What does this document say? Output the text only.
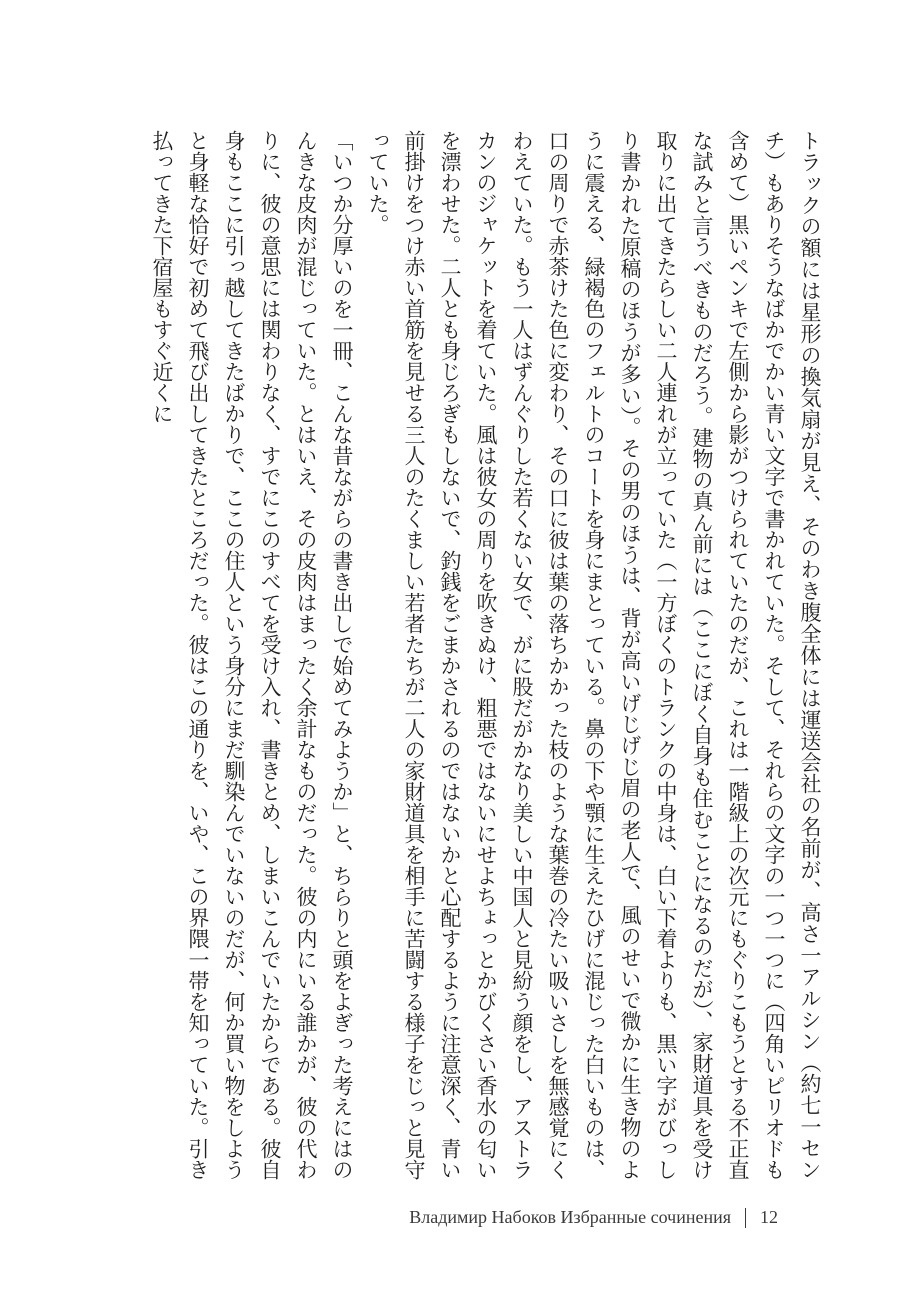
トラックの額には星形の換気扇が見え、そのわき腹全体には運送会社の名前が、高さ一アルシン（約七一センチ）もありそうなばかでかい青い文字で書かれていた。そして、それらの文字の一つ一つに（四角いピリオドも含めて）黒いペンキで左側から影がつけられていたのだが、これは一階級上の次元にもぐりこもうとする不正直な試みと言うべきものだろう。建物の真ん前には（ここにぼく自身も住むことになるのだが）、家財道具を受け取りに出てきたらしい二人連れが立っていた（一方ぼくのトランクの中身は、白い下着よりも、黒い字がびっしり書かれた原稿のほうが多い）。その男のほうは、背が高いげじげじ眉の老人で、風のせいで微かに生き物のように震える、緑褐色のフェルトのコートを身にまとっている。鼻の下や顎に生えたひげに混じった白いものは、口の周りで赤茶けた色に変わり、その口に彼は葉の落ちかかった枝のような葉巻の冷たい吸いさしを無感覚にくわえていた。もう一人はずんぐりした若くない女で、がに股だがかなり美しい中国人と見紛う顔をし、アストラカンのジャケットを着ていた。風は彼女の周りを吹きぬけ、粗悪ではないにせよちょっとかびくさい香水の匂いを漂わせた。二人とも身じろぎもしないで、釣銭をごまかされるのではないかと心配するように注意深く、青い前掛けをつけ赤い首筋を見せる三人のたくましい若者たちが二人の家財道具を相手に苦闘する様子をじっと見守っていた。

「いつか分厚いのを一冊、こんな昔ながらの書き出しで始めてみようか」と、ちらりと頭をよぎった考えにはのんきな皮肉が混じっていた。とはいえ、その皮肉はまったく余計なものだった。彼の内にいる誰かが、彼の代わりに、彼の意思には関わりなく、すでにこのすべてを受け入れ、書きとめ、しまいこんでいたからである。彼自身もここに引っ越してきたばかりで、ここの住人という身分にまだ馴染んでいないのだが、何か買い物をしようと身軽な恰好で初めて飛び出してきたところだった。彼はこの通りを、いや、この界隈一帯を知っていた。引き払ってきた下宿屋もすぐ近くに

Владимир Набоков Избранные сочинения 12
